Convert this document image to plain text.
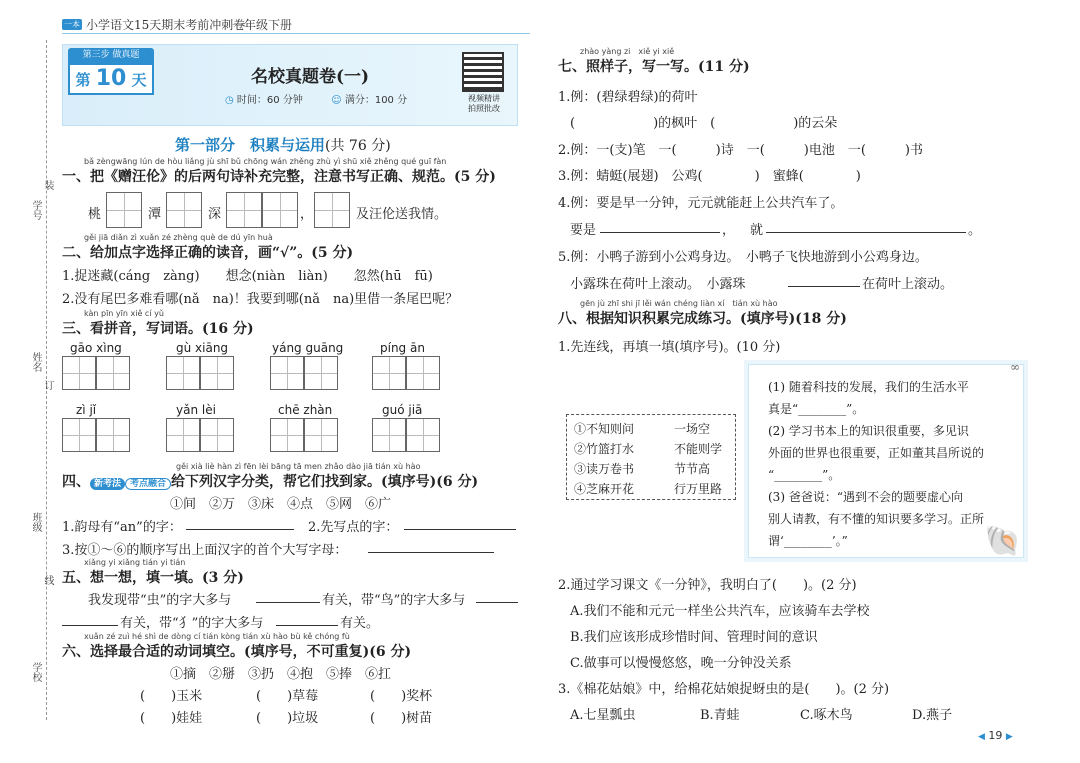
一本 小学语文15天期末考前冲刺卷
一年级下册
学号
姓名
班级
学校
装
订
线
第三步 做真题
第 10 天	名校真题卷(一)
◷ 时间：60 分钟	☺ 满分：100 分	视频精讲
拍照批改
第一部分　积累与运用(共 76 分)
bǎ zèngwāng lún de hòu liǎng jù shī bǔ chōng wán zhěng zhù yì shū xiě zhěng qué guī fàn
一、把《赠汪伦》的后两句诗补充完整，注意书写正确、规范。(5 分)
桃	潭	深	，	及汪伦送我情。
gěi jiā diǎn zì xuǎn zé zhèng què de dú yīn huà
二、给加点字选择正确的读音，画“√”。(5 分)
1.捉迷藏(cáng　zàng)　　想念(niàn　liàn)　　忽然(hū　fū)
2.没有尾巴多难看哪(nǎ　na)！我要到哪(nǎ　na)里借一条尾巴呢？
kàn pīn yīn xiě cí yǔ
三、看拼音，写词语。(16 分)
gāo xìng	gù xiāng	yáng guāng	píng ān
zì jǐ	yǎn lèi	chē zhàn	guó jiā
gěi xià liè hàn zì fēn lèi bāng tā men zhǎo dào jiā tián xù hào
四、 新考法 考点融合 给下列汉字分类，帮它们找到家。(填序号)(6 分)
①间　②万　③床　④点　⑤网　⑥广
1.韵母有“an”的字：	2.先写点的字：
3.按①～⑥的顺序写出上面汉字的首个大写字母：
xiǎng yi xiǎng tián yi tián
五、想一想，填一填。(3 分)
我发现带“虫”的字大多与	有关，带“鸟”的字大多与
有关，带“犭”的字大多与	有关。
xuǎn zé zuì hé shì de dòng cí tián kòng tián xù hào bù kě chóng fù
六、选择最合适的动词填空。(填序号，不可重复)(6 分)
①摘　②掰　③扔　④抱　⑤捧　⑥扛
(　　)玉米	(　　)草莓	(　　)奖杯
(　　)娃娃	(　　)垃圾	(　　)树苗
zhào yàng zi　xiě yi xiě
七、照样子，写一写。(11 分)
1.例：(碧绿碧绿)的荷叶
(　　　　　　)的枫叶　(　　　　　　)的云朵
2.例：一(支)笔　一(　　　)诗　一(　　　)电池　一(　　　)书
3.例：蜻蜓(展翅)　公鸡(　　　　)　蜜蜂(　　　　)
4.例：要是早一分钟，元元就能赶上公共汽车了。
要是	， 就	。
5.例：小鸭子游到小公鸡身边。　小鸭子飞快地游到小公鸡身边。
小露珠在荷叶上滚动。　小露珠	在荷叶上滚动。
gēn jù zhī shi jī lěi wán chéng liàn xí　tián xù hào
八、根据知识积累完成练习。(填序号)(18 分)
1.先连线，再填一填(填序号)。(10 分)
①不知则问
②竹篮打水
③读万卷书
④芝麻开花
一场空
不能则学
节节高
行万里路
(1) 随着科技的发展，我们的生活水平
真是“________”。
(2) 学习书本上的知识很重要，多见识
外面的世界也很重要，正如董其昌所说的
“________”。
(3) 爸爸说：“遇到不会的题要虚心向
别人请教，有不懂的知识要多学习。正所
谓‘________’。”	🐚
∞
2.通过学习课文《一分钟》，我明白了(　　)。(2 分)
A.我们不能和元元一样坐公共汽车，应该骑车去学校
B.我们应该形成珍惜时间、管理时间的意识
C.做事可以慢慢悠悠，晚一分钟没关系
3.《棉花姑娘》中，给棉花姑娘捉蚜虫的是(　　)。(2 分)
A.七星瓢虫	B.青蛙	C.啄木鸟	D.燕子
◀ 19 ▶
